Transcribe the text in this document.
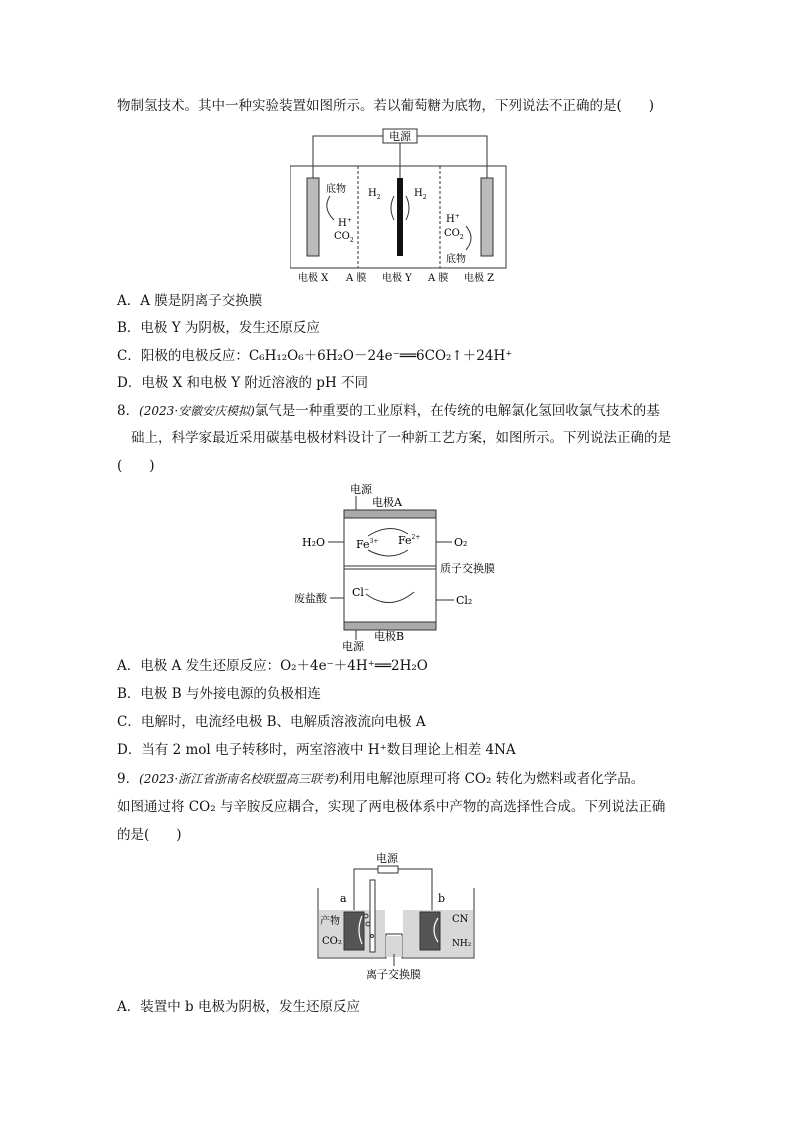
物制氢技术。其中一种实验装置如图所示。若以葡萄糖为底物，下列说法不正确的是(　　)
电源
底物
H+
$CO_2$
$H_2$	$H_2$
H+
$CO_2$
底物
电极 X A 膜 电极 Y A 膜 电极 Z
A．A 膜是阴离子交换膜
B．电极 Y 为阴极，发生还原反应
C．阳极的电极反应：C₆H₁₂O₆＋6H₂O－24e⁻══6CO₂↑＋24H⁺
D．电极 X 和电极 Y 附近溶液的 pH 不同
8．(2023·安徽安庆模拟)氯气是一种重要的工业原料，在传统的电解氯化氢回收氯气技术的基
础上，科学家最近采用碳基电极材料设计了一种新工艺方案，如图所示。下列说法正确的是
(　　)
电源
电极A
$Fe^{3+}$ $Fe^{2+}$
H₂O	O₂
质子交换膜
废盐酸 Cl−
Cl₂
电源
电极B
A．电极 A 发生还原反应：O₂＋4e⁻＋4H⁺══2H₂O
B．电极 B 与外接电源的负极相连
C．电解时，电流经电极 B、电解质溶液流向电极 A
D．当有 2 mol 电子转移时，两室溶液中 H⁺数目理论上相差 4NA
9．(2023·浙江省浙南名校联盟高三联考)利用电解池原理可将 CO₂ 转化为燃料或者化学品。
如图通过将 CO₂ 与辛胺反应耦合，实现了两电极体系中产物的高选择性合成。下列说法正确
的是(　　)
电源
a	b
产物
CO₂
CN
NH₂
离子交换膜
A．装置中 b 电极为阴极，发生还原反应
